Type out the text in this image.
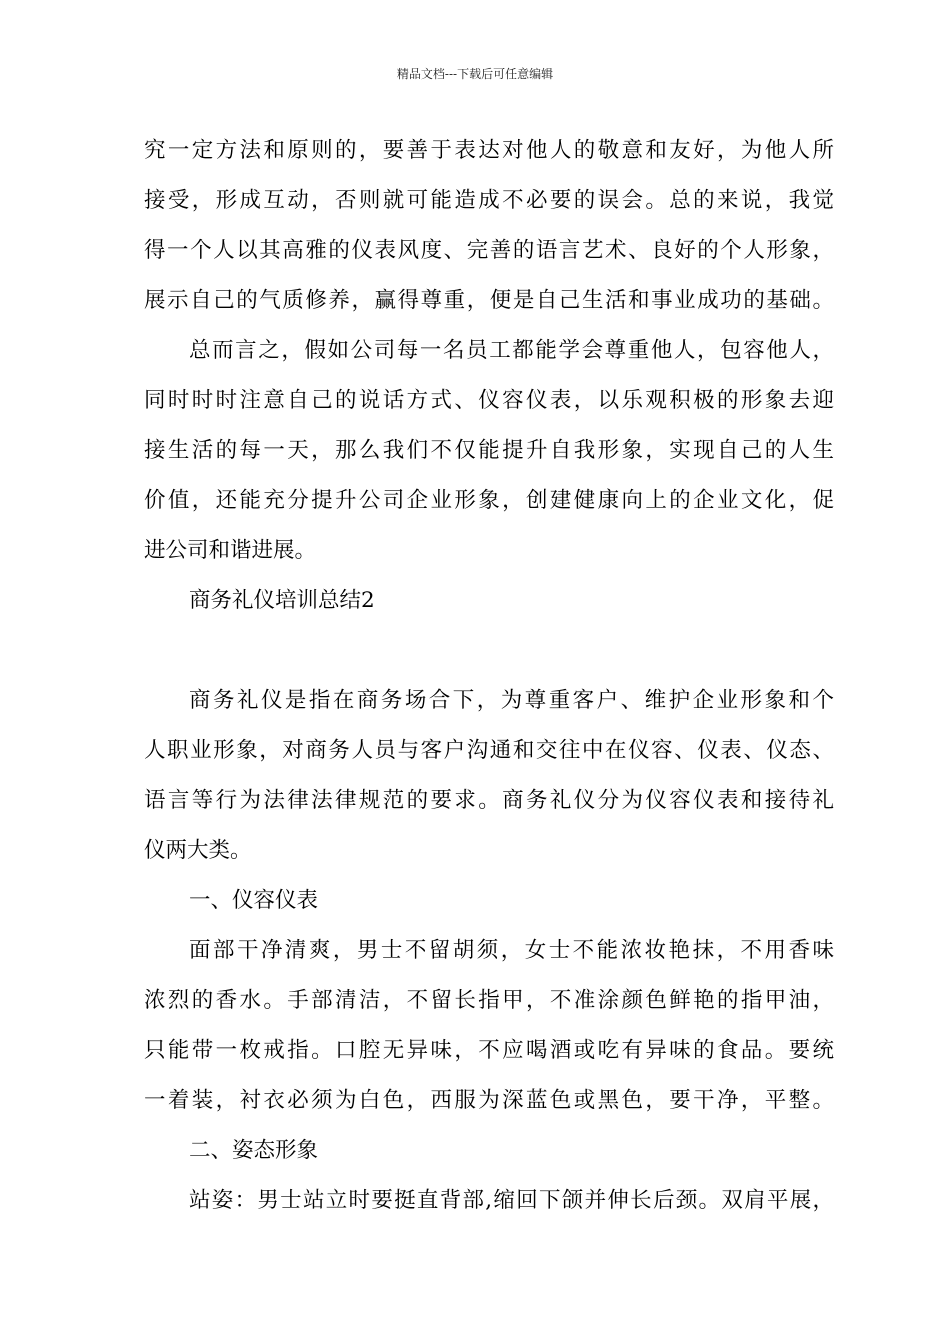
精品文档---下载后可任意编辑
究一定方法和原则的，要善于表达对他人的敬意和友好，为他人所
接受，形成互动，否则就可能造成不必要的误会。总的来说，我觉
得一个人以其高雅的仪表风度、完善的语言艺术、良好的个人形象，
展示自己的气质修养，赢得尊重，便是自己生活和事业成功的基础。
总而言之，假如公司每一名员工都能学会尊重他人，包容他人，
同时时时注意自己的说话方式、仪容仪表，以乐观积极的形象去迎
接生活的每一天，那么我们不仅能提升自我形象，实现自己的人生
价值，还能充分提升公司企业形象，创建健康向上的企业文化，促
进公司和谐进展。
商务礼仪培训总结2
商务礼仪是指在商务场合下，为尊重客户、维护企业形象和个
人职业形象，对商务人员与客户沟通和交往中在仪容、仪表、仪态、
语言等行为法律法律规范的要求。商务礼仪分为仪容仪表和接待礼
仪两大类。
一、仪容仪表
面部干净清爽，男士不留胡须，女士不能浓妆艳抹，不用香味
浓烈的香水。手部清洁，不留长指甲，不准涂颜色鲜艳的指甲油，
只能带一枚戒指。口腔无异味，不应喝酒或吃有异味的食品。要统
一着装，衬衣必须为白色，西服为深蓝色或黑色，要干净，平整。
二、姿态形象
站姿：男士站立时要挺直背部,缩回下颌并伸长后颈。双肩平展，
